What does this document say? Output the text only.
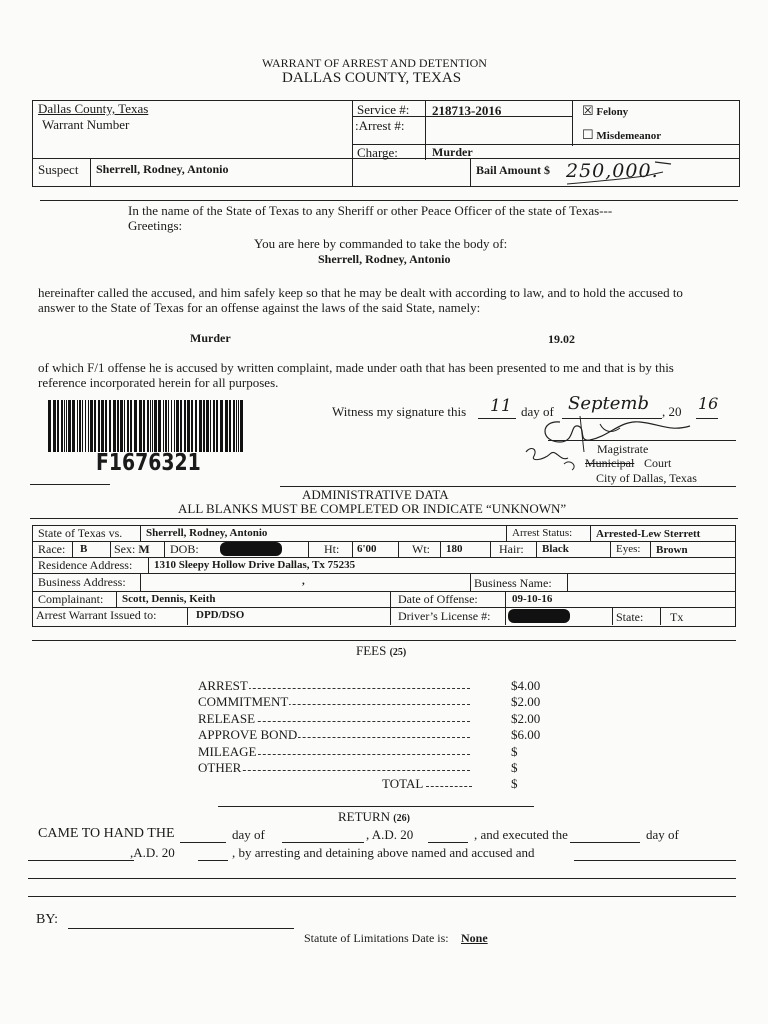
WARRANT OF ARREST AND DETENTION
DALLAS COUNTY, TEXAS
Dallas County, Texas
Warrant Number
Service #: 218713-2016
:Arrest #:
Charge:	Murder
☒ Felony
☐ Misdemeanor
Suspect Sherrell, Rodney, Antonio	Bail Amount $ 250,000.
In the name of the State of Texas to any Sheriff or other Peace Officer of the state of Texas---
Greetings:
You are here by commanded to take the body of:
Sherrell, Rodney, Antonio
hereinafter called the accused, and him safely keep so that he may be dealt with according to law, and to hold the accused to
answer to the State of Texas for an offense against the laws of the said State, namely:
Murder	19.02
of which F/1 offense he is accused by written complaint, made under oath that has been presented to me and that is by this
reference incorporated herein for all purposes.
F1676321
Witness my signature this 11 day of Septemb , 20 16
Magistrate
Municipal Court
City of Dallas, Texas
ADMINISTRATIVE DATA
ALL BLANKS MUST BE COMPLETED OR INDICATE “UNKNOWN”
State of Texas vs. Sherrell, Rodney, Antonio	Arrest Status: Arrested-Lew Sterrett
Race: B Sex: M DOB:	Ht: 6'00	Wt: 180	Hair: Black	Eyes: Brown
Residence Address: 1310 Sleepy Hollow Drive Dallas, Tx 75235
Business Address:	,	Business Name:
Complainant: Scott, Dennis, Keith	Date of Offense:	09-10-16
Arrest Warrant Issued to:	DPD/DSO	Driver’s License #:	State: Tx
FEES (25)
ARREST	$4.00
COMMITMENT	$2.00
RELEASE	$2.00
APPROVE BOND	$6.00
MILEAGE	$
OTHER	$
TOTAL	$
RETURN (26)
CAME TO HAND THE	day of	, A.D. 20	, and executed the	day of
,A.D. 20	, by arresting and detaining above named and accused and
BY:
Statute of Limitations Date is: None
